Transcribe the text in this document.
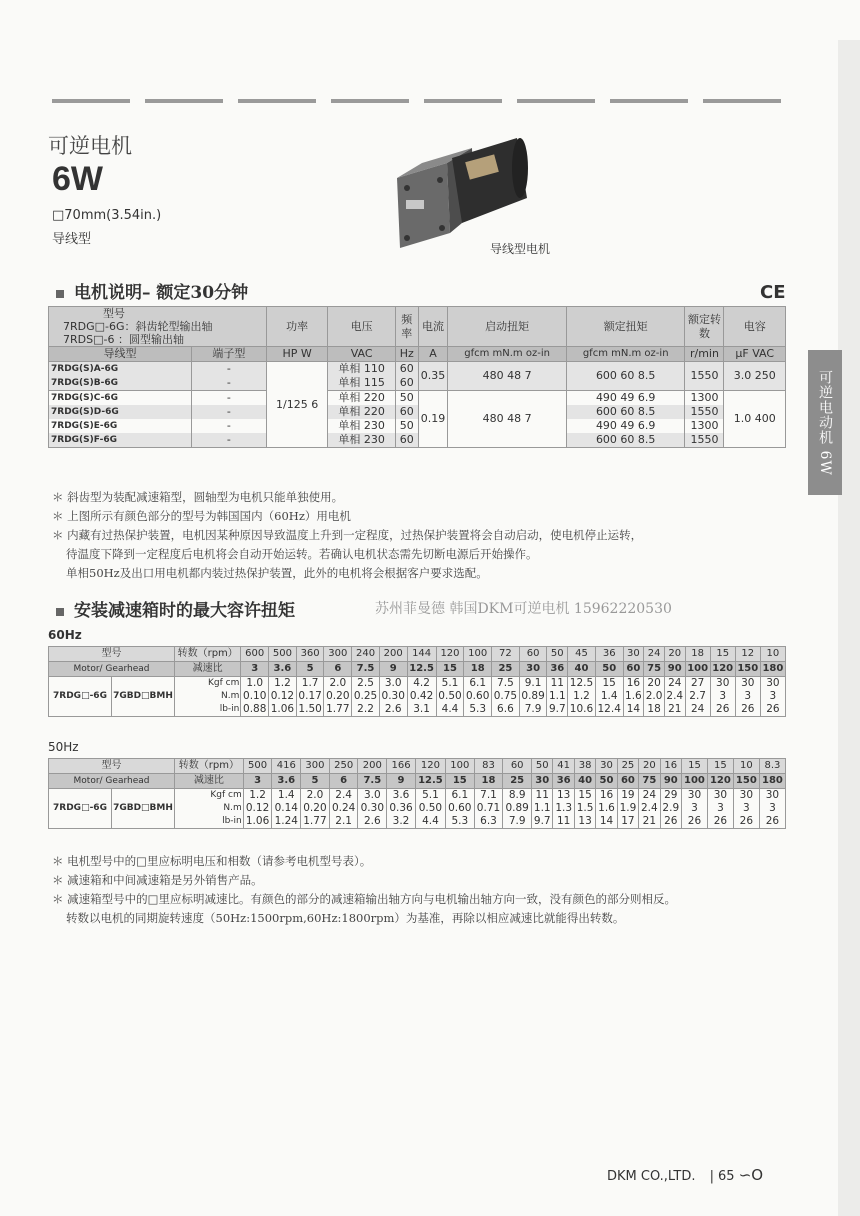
可逆电动机 6W
可逆电机
6W
□70mm(3.54in.)
导线型
导线型电机
电机说明– 额定30分钟	CE
型号
7RDG□-6G：斜齿轮型输出轴
7RDS□-6 ：圆型输出轴		功率	电压	频率	电流	启动扭矩	额定扭矩	额定转数	电容
导线型	端子型	HP W	VAC	Hz	A	gfcm mN.m oz-in	gfcm mN.m oz-in	r/min	μF VAC
7RDG(S)A-6G	-	1/125 6	单相 110	60	0.35	480 48 7	600 60 8.5	1550	3.0 250
7RDG(S)B-6G	-		单相 115	60					
7RDG(S)C-6G	-		单相 220	50	0.19	480 48 7	490 49 6.9	1300	1.0 400
7RDG(S)D-6G	-		单相 220	60			600 60 8.5	1550	
7RDG(S)E-6G	-		单相 230	50			490 49 6.9	1300	
7RDG(S)F-6G	-		单相 230	60			600 60 8.5	1550	
＊ 斜齿型为装配减速箱型，圆轴型为电机只能单独使用。
＊ 上图所示有颜色部分的型号为韩国国内（60Hz）用电机
＊ 内藏有过热保护装置，电机因某种原因导致温度上升到一定程度，过热保护装置将会自动启动，使电机停止运转，
待温度下降到一定程度后电机将会自动开始运转。若确认电机状态需先切断电源后开始操作。
单相50Hz及出口用电机都内装过热保护装置，此外的电机将会根据客户要求选配。
安装减速箱时的最大容许扭矩	苏州菲曼德 韩国DKM可逆电机 15962220530
60Hz
型号		转数（rpm）	600	500	360	300	240	200	144	120	100	72	60	50	45	36	30	24	20	18	15	12	10
Motor/ Gearhead		减速比	3	3.6	5	6	7.5	9	12.5	15	18	25	30	36	40	50	60	75	90	100	120	150	180
7RDG□-6G	7GBD□BMH	Kgf cm	1.0	1.2	1.7	2.0	2.5	3.0	4.2	5.1	6.1	7.5	9.1	11	12.5	15	16	20	24	27	30	30	30
		N.m	0.10	0.12	0.17	0.20	0.25	0.30	0.42	0.50	0.60	0.75	0.89	1.1	1.2	1.4	1.6	2.0	2.4	2.7	3	3	3
		lb-in	0.88	1.06	1.50	1.77	2.2	2.6	3.1	4.4	5.3	6.6	7.9	9.7	10.6	12.4	14	18	21	24	26	26	26
50Hz
型号		转数（rpm）	500	416	300	250	200	166	120	100	83	60	50	41	38	30	25	20	16	15	15	10	8.3
Motor/ Gearhead		减速比	3	3.6	5	6	7.5	9	12.5	15	18	25	30	36	40	50	60	75	90	100	120	150	180
7RDG□-6G	7GBD□BMH	Kgf cm	1.2	1.4	2.0	2.4	3.0	3.6	5.1	6.1	7.1	8.9	11	13	15	16	19	24	29	30	30	30	30
		N.m	0.12	0.14	0.20	0.24	0.30	0.36	0.50	0.60	0.71	0.89	1.1	1.3	1.5	1.6	1.9	2.4	2.9	3	3	3	3
		lb-in	1.06	1.24	1.77	2.1	2.6	3.2	4.4	5.3	6.3	7.9	9.7	11	13	14	17	21	26	26	26	26	26
＊ 电机型号中的□里应标明电压和相数（请参考电机型号表）。
＊ 减速箱和中间减速箱是另外销售产品。
＊ 减速箱型号中的□里应标明减速比。有颜色的部分的减速箱输出轴方向与电机输出轴方向一致，没有颜色的部分则相反。
转数以电机的同期旋转速度（50Hz:1500rpm,60Hz:1800rpm）为基准，再除以相应减速比就能得出转数。
DKM CO.,LTD. | 65 ∽O
